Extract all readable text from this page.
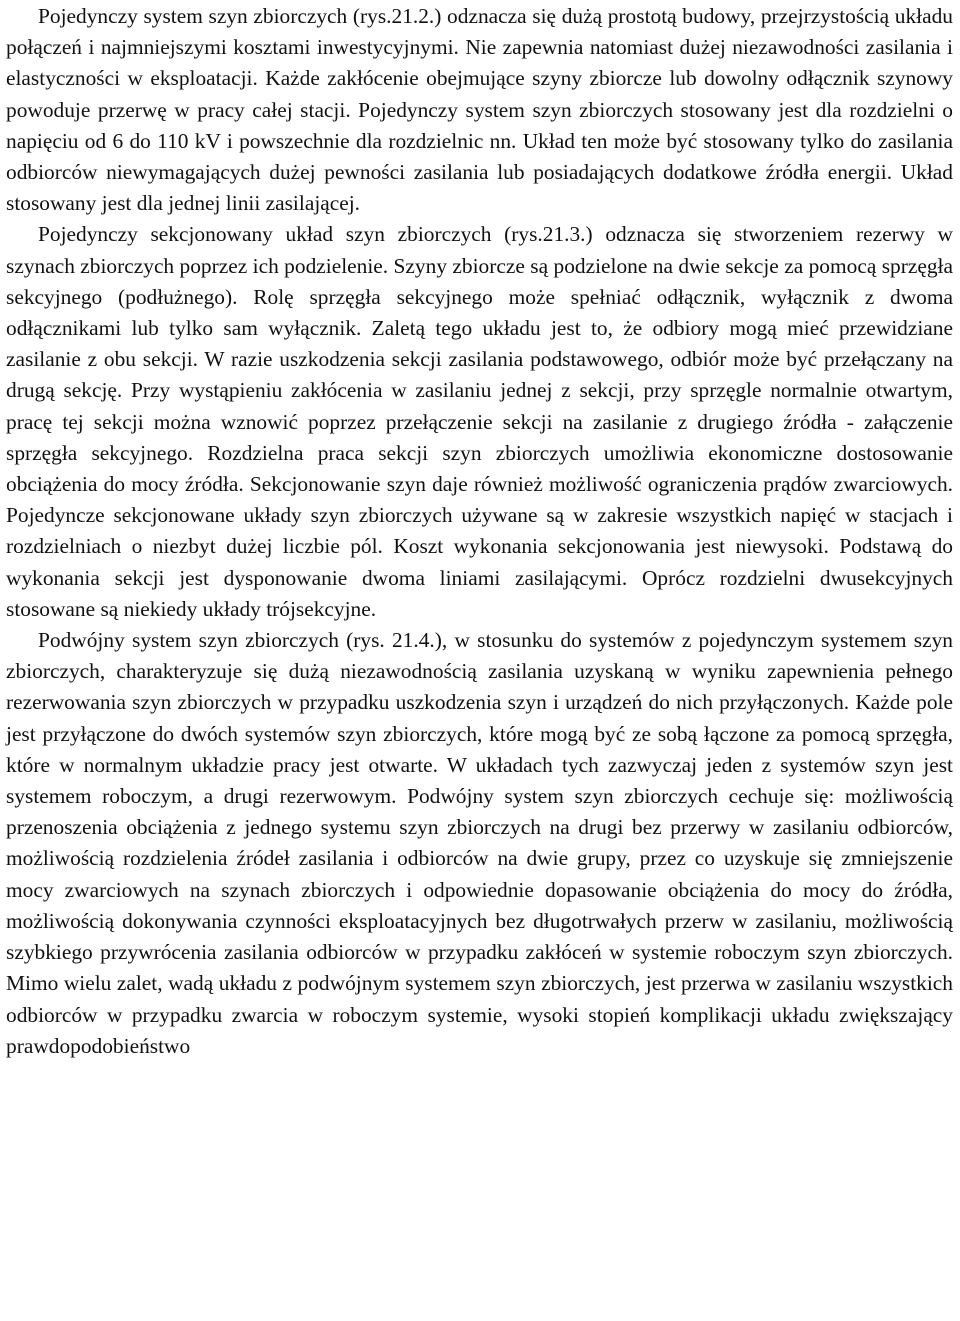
Pojedynczy system szyn zbiorczych (rys.21.2.) odznacza się dużą prostotą budowy, przejrzystością układu połączeń i najmniejszymi kosztami inwestycyjnymi. Nie zapewnia natomiast dużej niezawodności zasilania i elastyczności w eksploatacji. Każde zakłócenie obejmujące szyny zbiorcze lub dowolny odłącznik szynowy powoduje przerwę w pracy całej stacji. Pojedynczy system szyn zbiorczych stosowany jest dla rozdzielni o napięciu od 6 do 110 kV i powszechnie dla rozdzielnic nn. Układ ten może być stosowany tylko do zasilania odbiorców niewymagających dużej pewności zasilania lub posiadających dodatkowe źródła energii. Układ stosowany jest dla jednej linii zasilającej.

Pojedynczy sekcjonowany układ szyn zbiorczych (rys.21.3.) odznacza się stworzeniem rezerwy w szynach zbiorczych poprzez ich podzielenie. Szyny zbiorcze są podzielone na dwie sekcje za pomocą sprzęgła sekcyjnego (podłużnego). Rolę sprzęgła sekcyjnego może spełniać odłącznik, wyłącznik z dwoma odłącznikami lub tylko sam wyłącznik. Zaletą tego układu jest to, że odbiory mogą mieć przewidziane zasilanie z obu sekcji. W razie uszkodzenia sekcji zasilania podstawowego, odbiór może być przełączany na drugą sekcję. Przy wystąpieniu zakłócenia w zasilaniu jednej z sekcji, przy sprzęgle normalnie otwartym, pracę tej sekcji można wznowić poprzez przełączenie sekcji na zasilanie z drugiego źródła - załączenie sprzęgła sekcyjnego. Rozdzielna praca sekcji szyn zbiorczych umożliwia ekonomiczne dostosowanie obciążenia do mocy źródła. Sekcjonowanie szyn daje również możliwość ograniczenia prądów zwarciowych. Pojedyncze sekcjonowane układy szyn zbiorczych używane są w zakresie wszystkich napięć w stacjach i rozdzielniach o niezbyt dużej liczbie pól. Koszt wykonania sekcjonowania jest niewysoki. Podstawą do wykonania sekcji jest dysponowanie dwoma liniami zasilającymi. Oprócz rozdzielni dwusekcyjnych stosowane są niekiedy układy trójsekcyjne.

Podwójny system szyn zbiorczych (rys. 21.4.), w stosunku do systemów z pojedynczym systemem szyn zbiorczych, charakteryzuje się dużą niezawodnością zasilania uzyskaną w wyniku zapewnienia pełnego rezerwowania szyn zbiorczych w przypadku uszkodzenia szyn i urządzeń do nich przyłączonych. Każde pole jest przyłączone do dwóch systemów szyn zbiorczych, które mogą być ze sobą łączone za pomocą sprzęgła, które w normalnym układzie pracy jest otwarte. W układach tych zazwyczaj jeden z systemów szyn jest systemem roboczym, a drugi rezerwowym. Podwójny system szyn zbiorczych cechuje się: możliwością przenoszenia obciążenia z jednego systemu szyn zbiorczych na drugi bez przerwy w zasilaniu odbiorców, możliwością rozdzielenia źródeł zasilania i odbiorców na dwie grupy, przez co uzyskuje się zmniejszenie mocy zwarciowych na szynach zbiorczych i odpowiednie dopasowanie obciążenia do mocy do źródła, możliwością dokonywania czynności eksploatacyjnych bez długotrwałych przerw w zasilaniu, możliwością szybkiego przywrócenia zasilania odbiorców w przypadku zakłóceń w systemie roboczym szyn zbiorczych. Mimo wielu zalet, wadą układu z podwójnym systemem szyn zbiorczych, jest przerwa w zasilaniu wszystkich odbiorców w przypadku zwarcia w roboczym systemie, wysoki stopień komplikacji układu zwiększający prawdopodobieństwo
